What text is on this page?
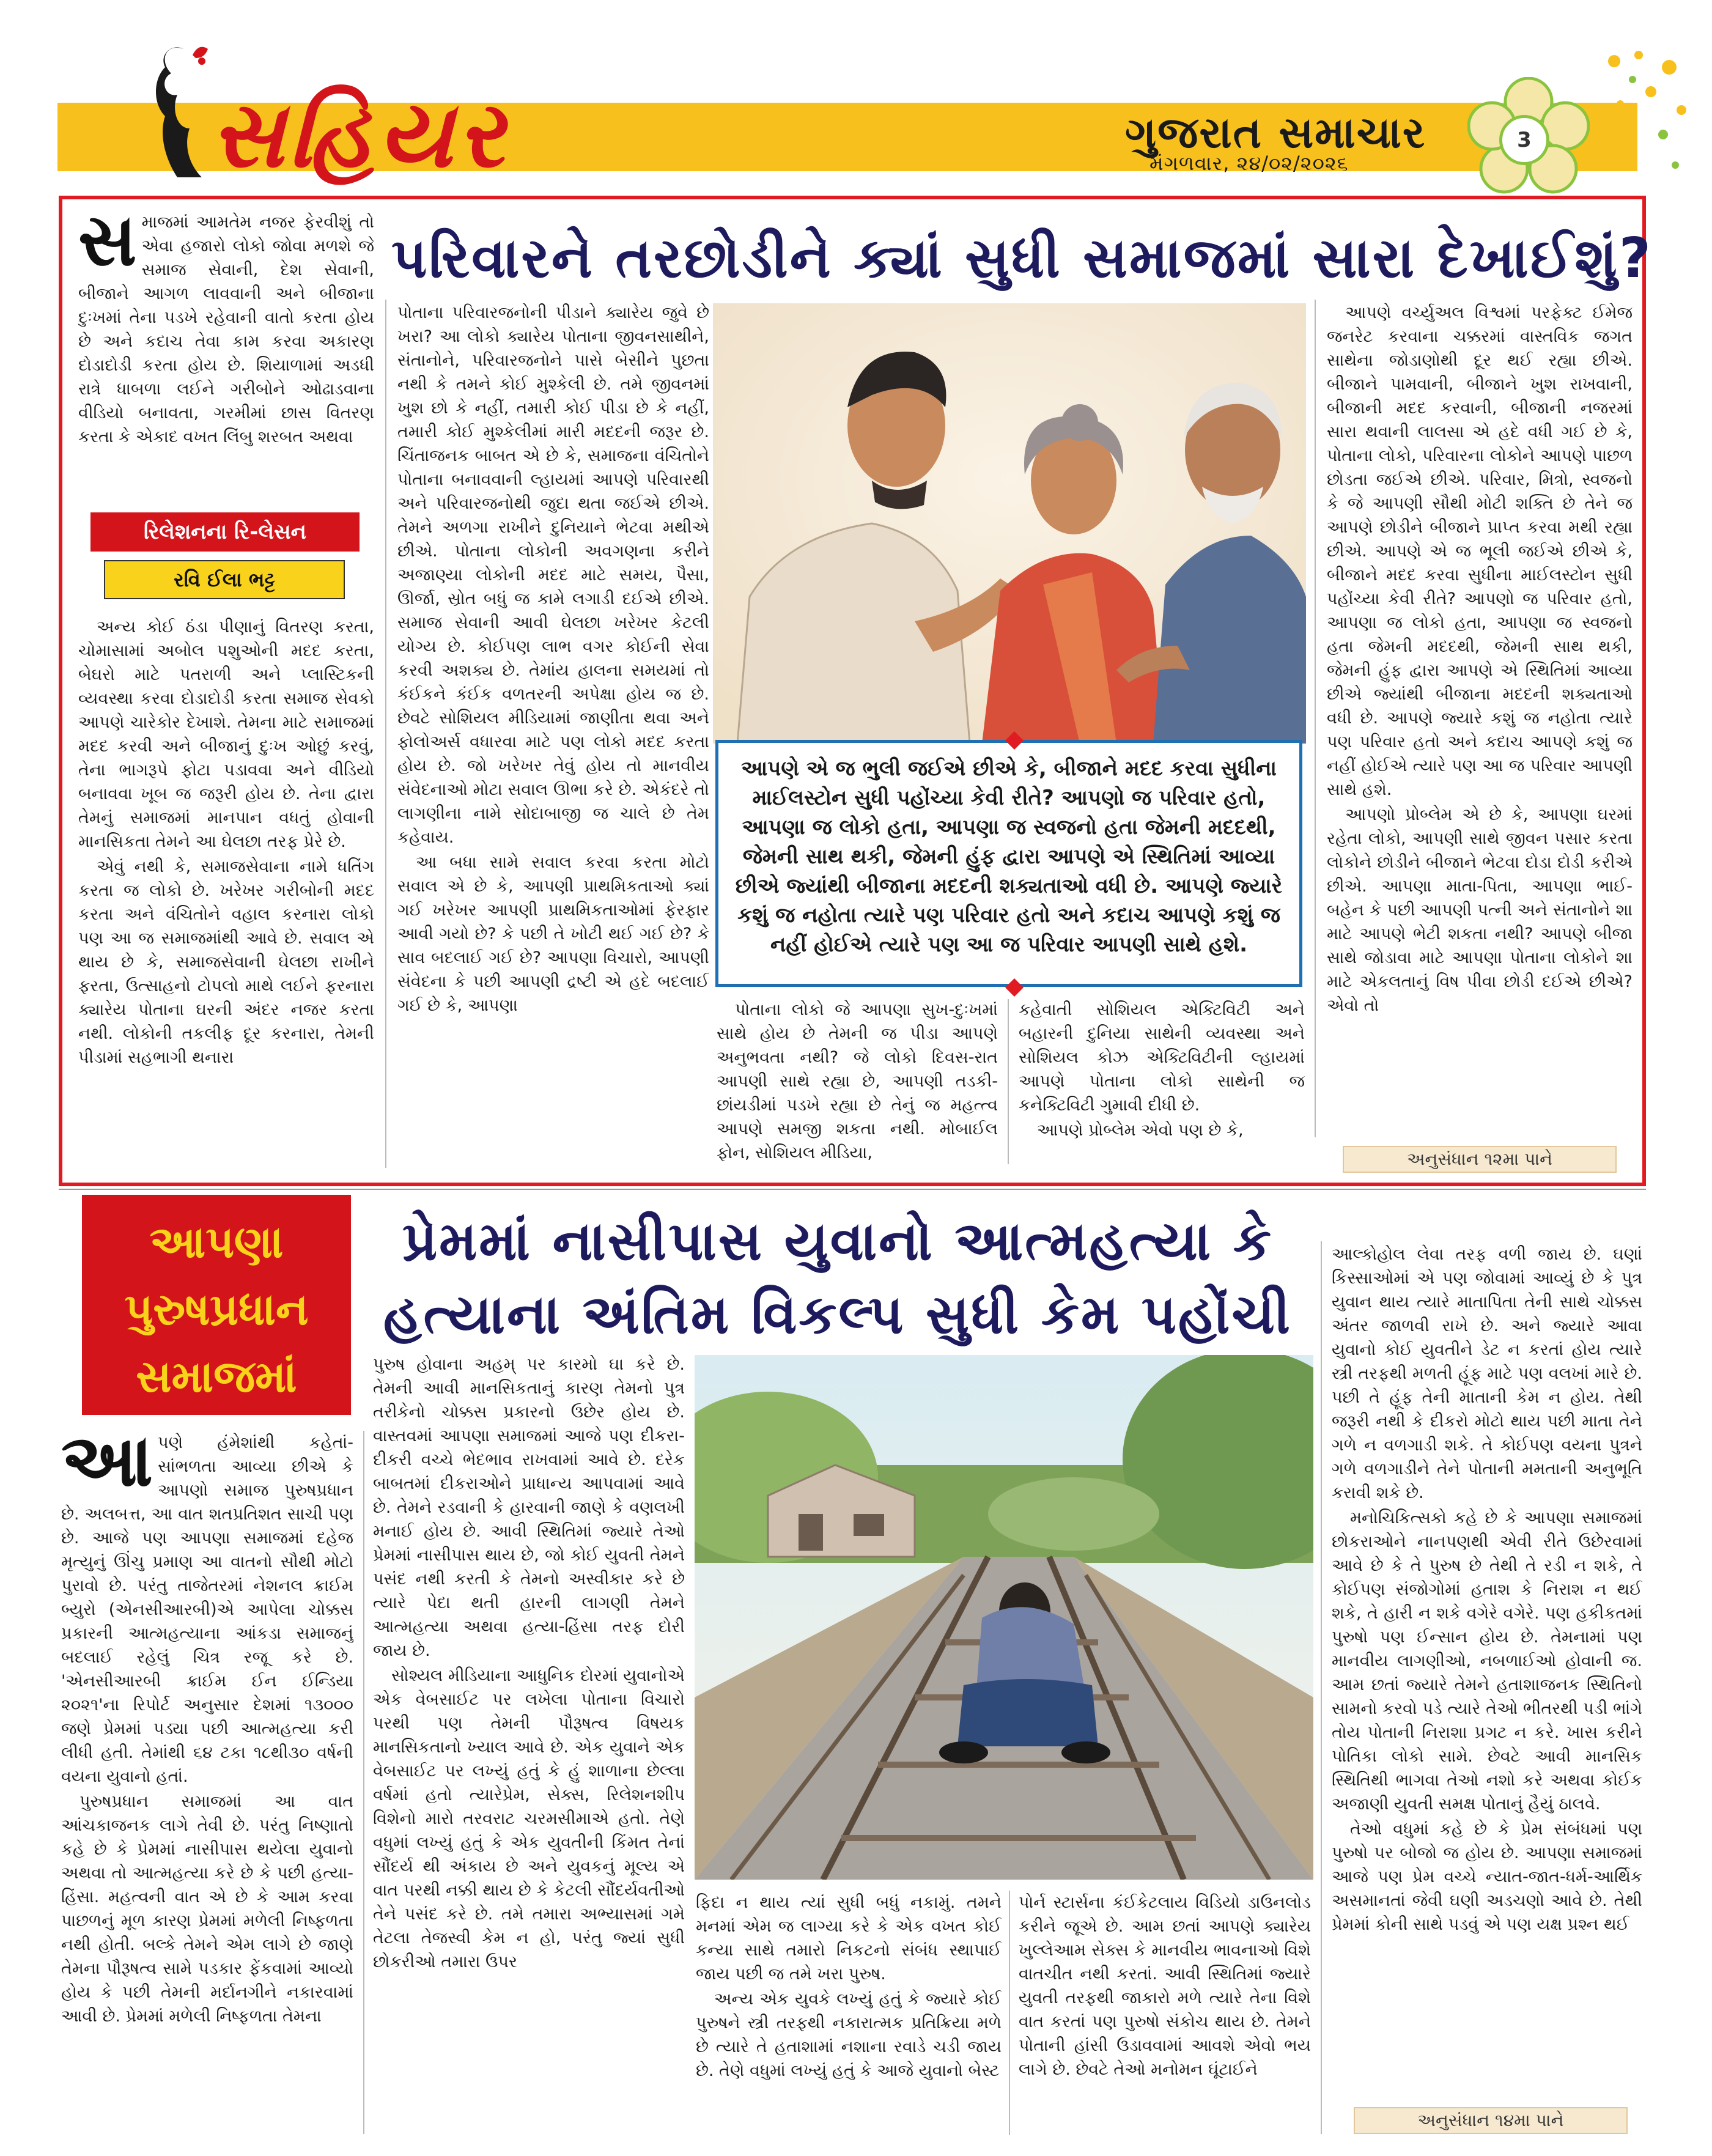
સહિયર	ગુજરાત સમાચાર
મંગળવાર, ૨૪/૦૨/૨૦૨૬
3
પરિવારને તરછોડીને ક્યાં સુધી સમાજમાં સારા દેખાઈશું?
સ માજમાં આમતેમ નજર ફેરવીશું તો એવા હજારો લોકો જોવા મળશે જે સમાજ સેવાની, દેશ સેવાની, બીજાને આગળ લાવવાની અને બીજાના દુઃખમાં તેના પડખે રહેવાની વાતો કરતા હોય છે અને કદાચ તેવા કામ કરવા અકારણ દોડાદોડી કરતા હોય છે. શિયાળામાં અડધી રાત્રે ધાબળા લઈને ગરીબોને ઓઢાડવાના વીડિયો બનાવતા, ગરમીમાં છાસ વિતરણ કરતા કે એકાદ વખત લિંબુ શરબત અથવા

રિલેશનના રિ-લેસન
રવિ ઈલા ભટ્ટ

અન્ય કોઈ ઠંડા પીણાનું વિતરણ કરતા, ચોમાસામાં અબોલ પશુઓની મદદ કરતા, બેઘરો માટે પતરાળી અને પ્લાસ્ટિકની વ્યવસ્થા કરવા દોડાદોડી કરતા સમાજ સેવકો આપણે ચારેકોર દેખાશે. તેમના માટે સમાજમાં મદદ કરવી અને બીજાનું દુઃખ ઓછું કરવું, તેના ભાગરૂપે ફોટા પડાવવા અને વીડિયો બનાવવા ખૂબ જ જરૂરી હોય છે. તેના દ્વારા તેમનું સમાજમાં માનપાન વધતું હોવાની માનસિકતા તેમને આ ઘેલછા તરફ પ્રેરે છે.

એવું નથી કે, સમાજસેવાના નામે ધતિંગ કરતા જ લોકો છે. ખરેખર ગરીબોની મદદ કરતા અને વંચિતોને વહાલ કરનારા લોકો પણ આ જ સમાજમાંથી આવે છે. સવાલ એ થાય છે કે, સમાજસેવાની ઘેલછા રાખીને ફરતા, ઉત્સાહનો ટોપલો માથે લઈને ફરનારા ક્યારેય પોતાના ઘરની અંદર નજર કરતા નથી. લોકોની તકલીફ દૂર કરનારા, તેમની પીડામાં સહભાગી થનારા

પોતાના પરિવારજનોની પીડાને ક્યારેય જુવે છે ખરા? આ લોકો ક્યારેય પોતાના જીવનસાથીને, સંતાનોને, પરિવારજનોને પાસે બેસીને પુછતા નથી કે તમને કોઈ મુશ્કેલી છે. તમે જીવનમાં ખુશ છો કે નહીં, તમારી કોઈ પીડા છે કે નહીં, તમારી કોઈ મુશ્કેલીમાં મારી મદદની જરૂર છે. ચિંતાજનક બાબત એ છે કે, સમાજના વંચિતોને પોતાના બનાવવાની લ્હાયમાં આપણે પરિવારથી અને પરિવારજનોથી જુદા થતા જઈએ છીએ. તેમને અળગા રાખીને દુનિયાને ભેટવા મથીએ છીએ. પોતાના લોકોની અવગણના કરીને અજાણ્યા લોકોની મદદ માટે સમય, પૈસા, ઊર્જા, સ્રોત બધું જ કામે લગાડી દઈએ છીએ. સમાજ સેવાની આવી ઘેલછા ખરેખર કેટલી યોગ્ય છે. કોઈપણ લાભ વગર કોઈની સેવા કરવી અશક્ય છે. તેમાંય હાલના સમયમાં તો કંઈકને કંઈક વળતરની અપેક્ષા હોય જ છે. છેવટે સોશિયલ મીડિયામાં જાણીતા થવા અને ફોલોઅર્સ વધારવા માટે પણ લોકો મદદ કરતા હોય છે. જો ખરેખર તેવું હોય તો માનવીય સંવેદનાઓ મોટા સવાલ ઊભા કરે છે. એકંદરે તો લાગણીના નામે સોદાબાજી જ ચાલે છે તેમ કહેવાય.

આ બધા સામે સવાલ કરવા કરતા મોટો સવાલ એ છે કે, આપણી પ્રાથમિકતાઓ ક્યાં ગઈ ખરેખર આપણી પ્રાથમિકતાઓમાં ફેરફાર આવી ગયો છે? કે પછી તે ખોટી થઈ ગઈ છે? કે સાવ બદલાઈ ગઈ છે? આપણા વિચારો, આપણી સંવેદના કે પછી આપણી દ્રષ્ટી એ હદે બદલાઈ ગઈ છે કે, આપણા

આપણે એ જ ભુલી જઈએ છીએ કે, બીજાને મદદ કરવા સુધીના માઈલસ્ટોન સુધી પહોંચ્યા કેવી રીતે? આપણો જ પરિવાર હતો, આપણા જ લોકો હતા, આપણા જ સ્વજનો હતા જેમની મદદથી, જેમની સાથ થકી, જેમની હુંફ દ્વારા આપણે એ સ્થિતિમાં આવ્યા છીએ જ્યાંથી બીજાના મદદની શક્યતાઓ વધી છે. આપણે જ્યારે કશું જ નહોતા ત્યારે પણ પરિવાર હતો અને કદાચ આપણે કશું જ નહીં હોઈએ ત્યારે પણ આ જ પરિવાર આપણી સાથે હશે.

પોતાના લોકો જે આપણા સુખ-દુઃખમાં સાથે હોય છે તેમની જ પીડા આપણે અનુભવતા નથી? જે લોકો દિવસ-રાત આપણી સાથે રહ્યા છે, આપણી તડકી-છાંયડીમાં પડખે રહ્યા છે તેનું જ મહત્ત્વ આપણે સમજી શકતા નથી. મોબાઈલ ફોન, સોશિયલ મીડિયા,

કહેવાતી સોશિયલ એક્ટિવિટી અને બહારની દુનિયા સાથેની વ્યવસ્થા અને સોશિયલ કોઝ એક્ટિવિટીની લ્હાયમાં આપણે પોતાના લોકો સાથેની જ કનેક્ટિવિટી ગુમાવી દીધી છે.

આપણે પ્રોબ્લેમ એવો પણ છે કે,

આપણે વર્ચ્યુઅલ વિશ્વમાં પરફેક્ટ ઈમેજ જનરેટ કરવાના ચક્કરમાં વાસ્તવિક જગત સાથેના જોડાણોથી દૂર થઈ રહ્યા છીએ. બીજાને પામવાની, બીજાને ખુશ રાખવાની, બીજાની મદદ કરવાની, બીજાની નજરમાં સારા થવાની લાલસા એ હદે વધી ગઈ છે કે, પોતાના લોકો, પરિવારના લોકોને આપણે પાછળ છોડતા જઈએ છીએ. પરિવાર, મિત્રો, સ્વજનો કે જે આપણી સૌથી મોટી શક્તિ છે તેને જ આપણે છોડીને બીજાને પ્રાપ્ત કરવા મથી રહ્યા છીએ. આપણે એ જ ભૂલી જઈએ છીએ કે, બીજાને મદદ કરવા સુધીના માઈલસ્ટોન સુધી પહોંચ્યા કેવી રીતે? આપણો જ પરિવાર હતો, આપણા જ લોકો હતા, આપણા જ સ્વજનો હતા જેમની મદદથી, જેમની સાથ થકી, જેમની હુંફ દ્વારા આપણે એ સ્થિતિમાં આવ્યા છીએ જ્યાંથી બીજાના મદદની શક્યતાઓ વધી છે. આપણે જ્યારે કશું જ નહોતા ત્યારે પણ પરિવાર હતો અને કદાચ આપણે કશું જ નહીં હોઈએ ત્યારે પણ આ જ પરિવાર આપણી સાથે હશે.

આપણો પ્રોબ્લેમ એ છે કે, આપણા ઘરમાં રહેતા લોકો, આપણી સાથે જીવન પસાર કરતા લોકોને છોડીને બીજાને ભેટવા દોડા દોડી કરીએ છીએ. આપણા માતા-પિતા, આપણા ભાઈ-બહેન કે પછી આપણી પત્ની અને સંતાનોને શા માટે આપણે ભેટી શકતા નથી? આપણે બીજા સાથે જોડાવા માટે આપણા પોતાના લોકોને શા માટે એકલતાનું વિષ પીવા છોડી દઈએ છીએ? એવો તો

અનુસંધાન ૧૨મા પાને
આપણા પુરુષપ્રધાન સમાજમાં
પ્રેમમાં નાસીપાસ યુવાનો આત્મહત્યા કે હત્યાના અંતિમ વિકલ્પ સુધી કેમ પહોંચી
આ પણે હંમેશાંથી કહેતાં-સાંભળતા આવ્યા છીએ કે આપણો સમાજ પુરુષપ્રધાન છે. અલબત્ત, આ વાત શતપ્રતિશત સાચી પણ છે. આજે પણ આપણા સમાજમાં દહેજ મૃત્યુનું ઊંચુ પ્રમાણ આ વાતનો સૌથી મોટો પુરાવો છે. પરંતુ તાજેતરમાં નેશનલ ક્રાઈમ બ્યુરો (એનસીઆરબી)એ આપેલા ચોક્કસ પ્રકારની આત્મહત્યાના આંકડા સમાજનું બદલાઈ રહેલું ચિત્ર રજૂ કરે છે. 'એનસીઆરબી ક્રાઈમ ઈન ઈન્ડિયા ૨૦૨૧'ના રિપોર્ટ અનુસાર દેશમાં ૧૩૦૦૦ જણે પ્રેમમાં પડ્યા પછી આત્મહત્યા કરી લીધી હતી. તેમાંથી ૬૪ ટકા ૧૮થી૩૦ વર્ષની વયના યુવાનો હતાં.

પુરુષપ્રધાન સમાજમાં આ વાત આંચકાજનક લાગે તેવી છે. પરંતુ નિષ્ણાતો કહે છે કે પ્રેમમાં નાસીપાસ થયેલા યુવાનો અથવા તો આત્મહત્યા કરે છે કે પછી હત્યા-હિંસા. મહત્વની વાત એ છે કે આમ કરવા પાછળનું મૂળ કારણ પ્રેમમાં મળેલી નિષ્ફળતા નથી હોતી. બલ્કે તેમને એમ લાગે છે જાણે તેમના પૌરૂષત્વ સામે પડકાર ફેંકવામાં આવ્યો હોય કે પછી તેમની મર્દાનગીને નકારવામાં આવી છે. પ્રેમમાં મળેલી નિષ્ફળતા તેમના

પુરુષ હોવાના અહમ્ પર કારમો ઘા કરે છે. તેમની આવી માનસિકતાનું કારણ તેમનો પુત્ર તરીકેનો ચોક્કસ પ્રકારનો ઉછેર હોય છે. વાસ્તવમાં આપણા સમાજમાં આજે પણ દીકરા-દીકરી વચ્ચે ભેદભાવ રાખવામાં આવે છે. દરેક બાબતમાં દીકરાઓને પ્રાધાન્ય આપવામાં આવે છે. તેમને રડવાની કે હારવાની જાણે કે વણલખી મનાઈ હોય છે. આવી સ્થિતિમાં જ્યારે તેઓ પ્રેમમાં નાસીપાસ થાય છે, જો કોઈ યુવતી તેમને પસંદ નથી કરતી કે તેમનો અસ્વીકાર કરે છે ત્યારે પેદા થતી હારની લાગણી તેમને આત્મહત્યા અથવા હત્યા-હિંસા તરફ દોરી જાય છે.

સોશ્યલ મીડિયાના આધુનિક દોરમાં યુવાનોએ એક વેબસાઈટ પર લખેલા પોતાના વિચારો પરથી પણ તેમની પૌરૂષત્વ વિષયક માનસિકતાનો ખ્યાલ આવે છે. એક યુવાને એક વેબસાઈટ પર લખ્યું હતું કે હું શાળાના છેલ્લા વર્ષમાં હતો ત્યારેપ્રેમ, સેક્સ, રિલેશનશીપ વિશેનો મારો તરવરાટ ચરમસીમાએ હતો. તેણે વધુમાં લખ્યું હતું કે એક યુવતીની કિંમત તેનાં સૌંદર્ય થી અંકાય છે અને યુવકનું મૂલ્ય એ વાત પરથી નક્કી થાય છે કે કેટલી સૌંદર્યવતીઓ તેને પસંદ કરે છે. તમે તમારા અભ્યાસમાં ગમે તેટલા તેજસ્વી કેમ ન હો, પરંતુ જ્યાં સુધી છોકરીઓ તમારા ઉપર

ફિદા ન થાય ત્યાં સુધી બધું નકામું. તમને મનમાં એમ જ લાગ્યા કરે કે એક વખત કોઈ કન્યા સાથે તમારો નિકટનો સંબંધ સ્થાપાઈ જાય પછી જ તમે ખરા પુરુષ.

અન્ય એક યુવકે લખ્યું હતું કે જ્યારે કોઈ પુરુષને સ્ત્રી તરફથી નકારાત્મક પ્રતિક્રિયા મળે છે ત્યારે તે હતાશામાં નશાના રવાડે ચડી જાય છે. તેણે વધુમાં લખ્યું હતું કે આજે યુવાનો બેસ્ટ

પોર્ન સ્ટાર્સના કંઈકેટલાય વિડિયો ડાઉનલોડ કરીને જૂએ છે. આમ છતાં આપણે ક્યારેય ખુલ્લેઆમ સેક્સ કે માનવીય ભાવનાઓ વિશે વાતચીત નથી કરતાં. આવી સ્થિતિમાં જ્યારે યુવતી તરફથી જાકારો મળે ત્યારે તેના વિશે વાત કરતાં પણ પુરુષો સંકોચ થાય છે. તેમને પોતાની હાંસી ઉડાવવામાં આવશે એવો ભય લાગે છે. છેવટે તેઓ મનોમન ઘૂંટાઈને

આલ્કોહોલ લેવા તરફ વળી જાય છે. ઘણાં કિસ્સાઓમાં એ પણ જોવામાં આવ્યું છે કે પુત્ર યુવાન થાય ત્યારે માતાપિતા તેની સાથે ચોક્કસ અંતર જાળવી રાખે છે. અને જ્યારે આવા યુવાનો કોઈ યુવતીને ડેટ ન કરતાં હોય ત્યારે સ્ત્રી તરફથી મળતી હૂંફ માટે પણ વલખાં મારે છે. પછી તે હૂંફ તેની માતાની કેમ ન હોય. તેથી જરૂરી નથી કે દીકરો મોટો થાય પછી માતા તેને ગળે ન વળગાડી શકે. તે કોઈપણ વયના પુત્રને ગળે વળગાડીને તેને પોતાની મમતાની અનુભૂતિ કરાવી શકે છે.

મનોચિકિત્સકો કહે છે કે આપણા સમાજમાં છોકરાઓને નાનપણથી એવી રીતે ઉછેરવામાં આવે છે કે તે પુરુષ છે તેથી તે રડી ન શકે, તે કોઈપણ સંજોગોમાં હતાશ કે નિરાશ ન થઈ શકે, તે હારી ન શકે વગેરે વગેરે. પણ હકીકતમાં પુરુષો પણ ઈન્સાન હોય છે. તેમનામાં પણ માનવીય લાગણીઓ, નબળાઈઓ હોવાની જ. આમ છતાં જ્યારે તેમને હતાશાજનક સ્થિતિનો સામનો કરવો પડે ત્યારે તેઓ ભીતરથી પડી ભાંગે તોય પોતાની નિરાશા પ્રગટ ન કરે. ખાસ કરીને પોતિકા લોકો સામે. છેવટે આવી માનસિક સ્થિતિથી ભાગવા તેઓ નશો કરે અથવા કોઈક અજાણી યુવતી સમક્ષ પોતાનું હૈયું ઠાલવે.

તેઓ વધુમાં કહે છે કે પ્રેમ સંબંધમાં પણ પુરુષો પર બોજો જ હોય છે. આપણા સમાજમાં આજે પણ પ્રેમ વચ્ચે ન્યાત-જાત-ધર્મ-આર્થિક અસમાનતાં જેવી ઘણી અડચણો આવે છે. તેથી પ્રેમમાં કોની સાથે પડવું એ પણ યક્ષ પ્રશ્ન થઈ

અનુસંધાન ૧૪મા પાને
